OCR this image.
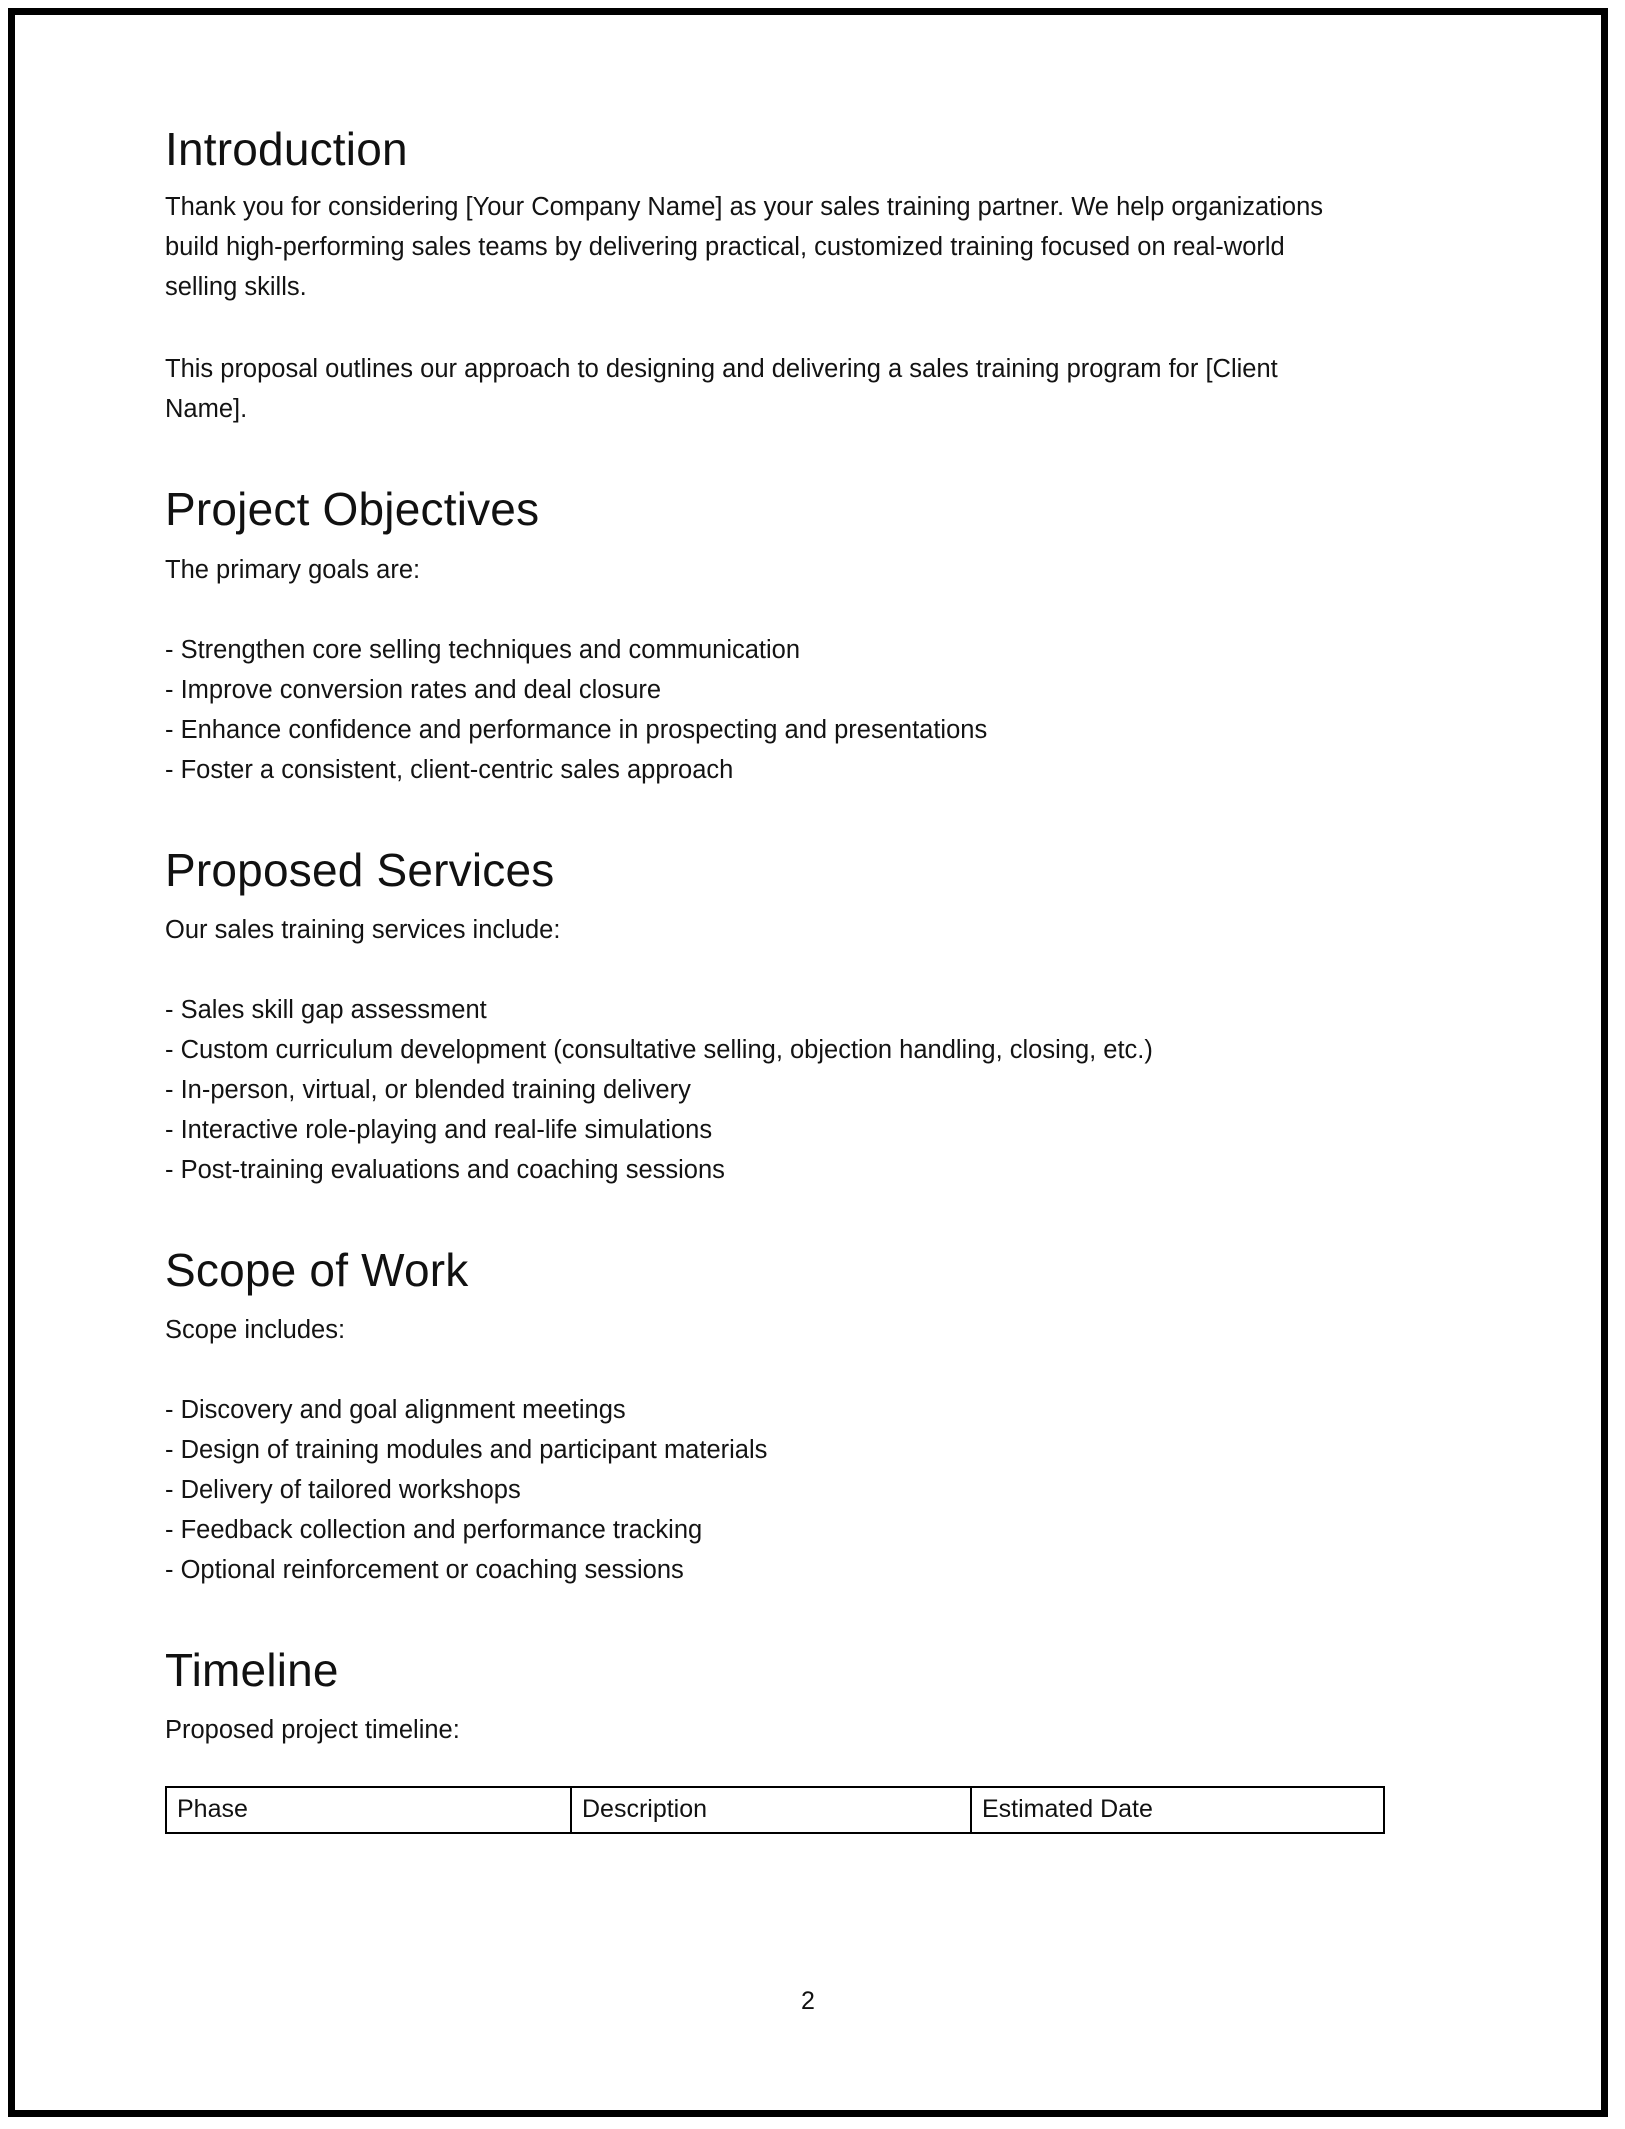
Introduction

Thank you for considering [Your Company Name] as your sales training partner. We help organizations build high-performing sales teams by delivering practical, customized training focused on real-world selling skills.

This proposal outlines our approach to designing and delivering a sales training program for [Client Name].

Project Objectives

The primary goals are:

- Strengthen core selling techniques and communication
- Improve conversion rates and deal closure
- Enhance confidence and performance in prospecting and presentations
- Foster a consistent, client-centric sales approach
Proposed Services

Our sales training services include:

- Sales skill gap assessment
- Custom curriculum development (consultative selling, objection handling, closing, etc.)
- In-person, virtual, or blended training delivery
- Interactive role-playing and real-life simulations
- Post-training evaluations and coaching sessions
Scope of Work

Scope includes:

- Discovery and goal alignment meetings
- Design of training modules and participant materials
- Delivery of tailored workshops
- Feedback collection and performance tracking
- Optional reinforcement or coaching sessions
Timeline

Proposed project timeline:

Phase	Description	Estimated Date
2
